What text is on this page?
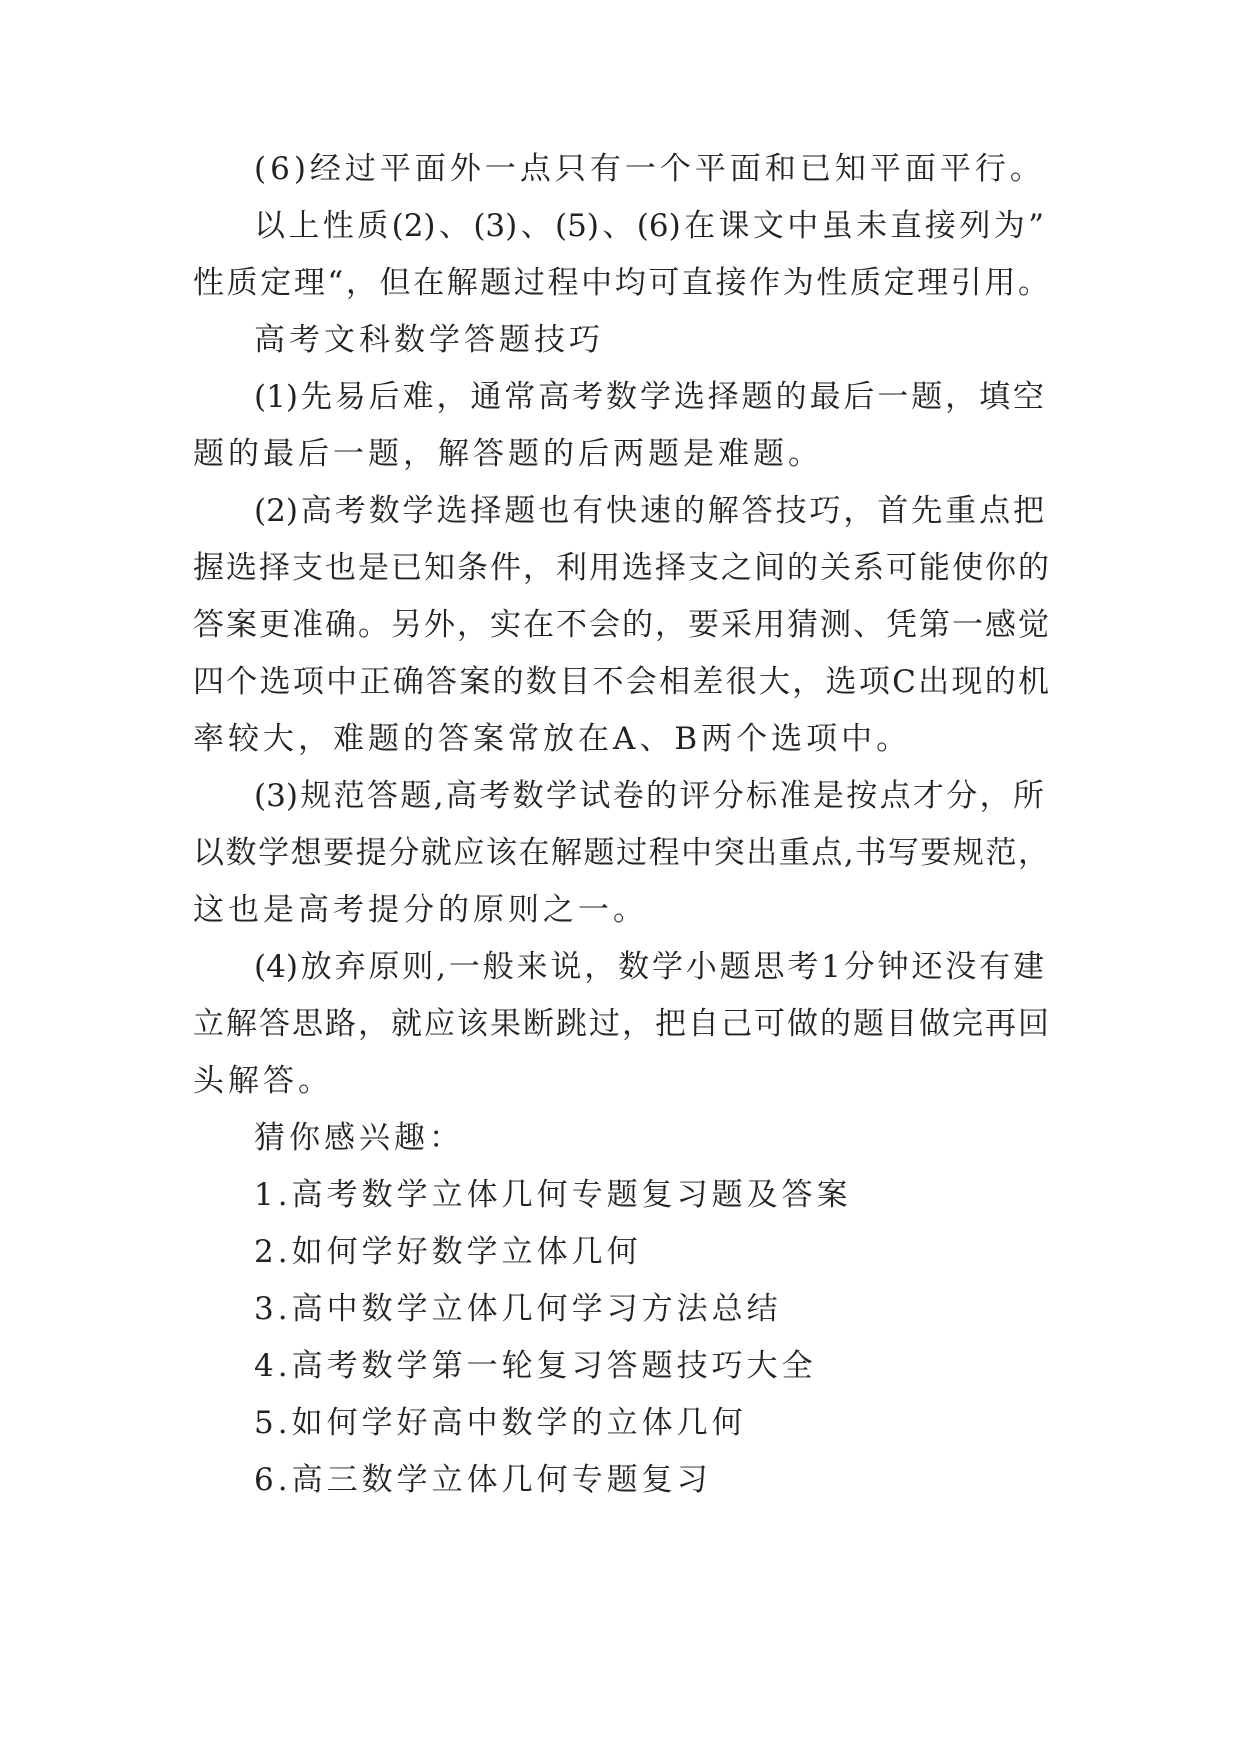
(6)经过平面外一点只有一个平面和已知平面平行。
以上性质(2)、(3)、(5)、(6)在课文中虽未直接列为”
性质定理“，但在解题过程中均可直接作为性质定理引用。
高考文科数学答题技巧
(1)先易后难，通常高考数学选择题的最后一题，填空
题的最后一题，解答题的后两题是难题。
(2)高考数学选择题也有快速的解答技巧，首先重点把
握选择支也是已知条件，利用选择支之间的关系可能使你的
答案更准确。另外，实在不会的，要采用猜测、凭第一感觉
四个选项中正确答案的数目不会相差很大，选项C出现的机
率较大，难题的答案常放在A、B两个选项中。
(3)规范答题,高考数学试卷的评分标准是按点才分，所
以数学想要提分就应该在解题过程中突出重点,书写要规范，
这也是高考提分的原则之一。
(4)放弃原则,一般来说，数学小题思考1分钟还没有建
立解答思路，就应该果断跳过，把自己可做的题目做完再回
头解答。
猜你感兴趣：
1.高考数学立体几何专题复习题及答案
2.如何学好数学立体几何
3.高中数学立体几何学习方法总结
4.高考数学第一轮复习答题技巧大全
5.如何学好高中数学的立体几何
6.高三数学立体几何专题复习
